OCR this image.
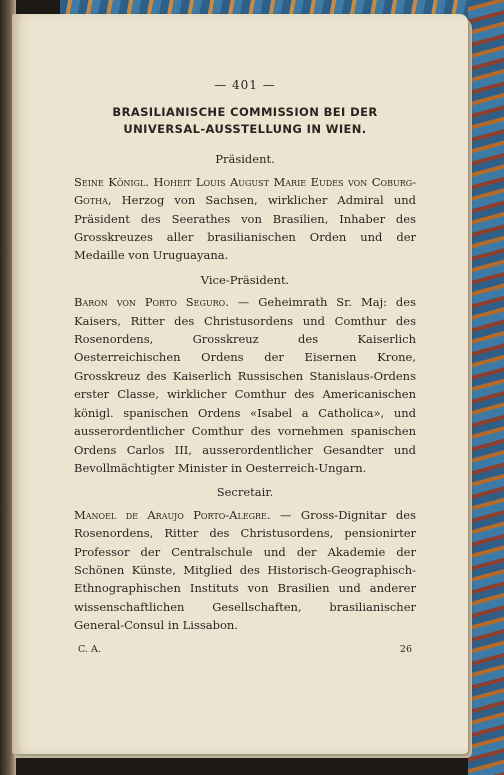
— 401 —
BRASILIANISCHE COMMISSION BEI DER UNIVERSAL-AUSSTELLUNG IN WIEN.
Präsident.

Seine Königl. Hoheit Louis August Marie Eudes von Coburg-Gotha, Herzog von Sachsen, wirklicher Admiral und Präsident des Seerathes von Brasilien, Inhaber des Grosskreuzes aller brasilianischen Orden und der Medaille von Uruguayana.

Vice-Präsident.

Baron von Porto Seguro. — Geheimrath Sr. Maj: des Kaisers, Ritter des Christusordens und Comthur des Rosenordens, Grosskreuz des Kaiserlich Oesterreichischen Ordens der Eisernen Krone, Grosskreuz des Kaiserlich Russischen Stanislaus-Ordens erster Classe, wirklicher Comthur des Americanischen königl. spanischen Ordens «Isabel a Catholica», und ausserordentlicher Comthur des vornehmen spanischen Ordens Carlos III, ausserordentlicher Gesandter und Bevollmächtigter Minister in Oesterreich-Ungarn.

Secretair.

Manoel de Araujo Porto-Alegre. — Gross-Dignitar des Rosenordens, Ritter des Christusordens, pensionirter Professor der Centralschule und der Akademie der Schönen Künste, Mitglied des Historisch-Geographisch-Ethnographischen Instituts von Brasilien und anderer wissenschaftlichen Gesellschaften, brasilianischer General-Consul in Lissabon.

C. A.	26
